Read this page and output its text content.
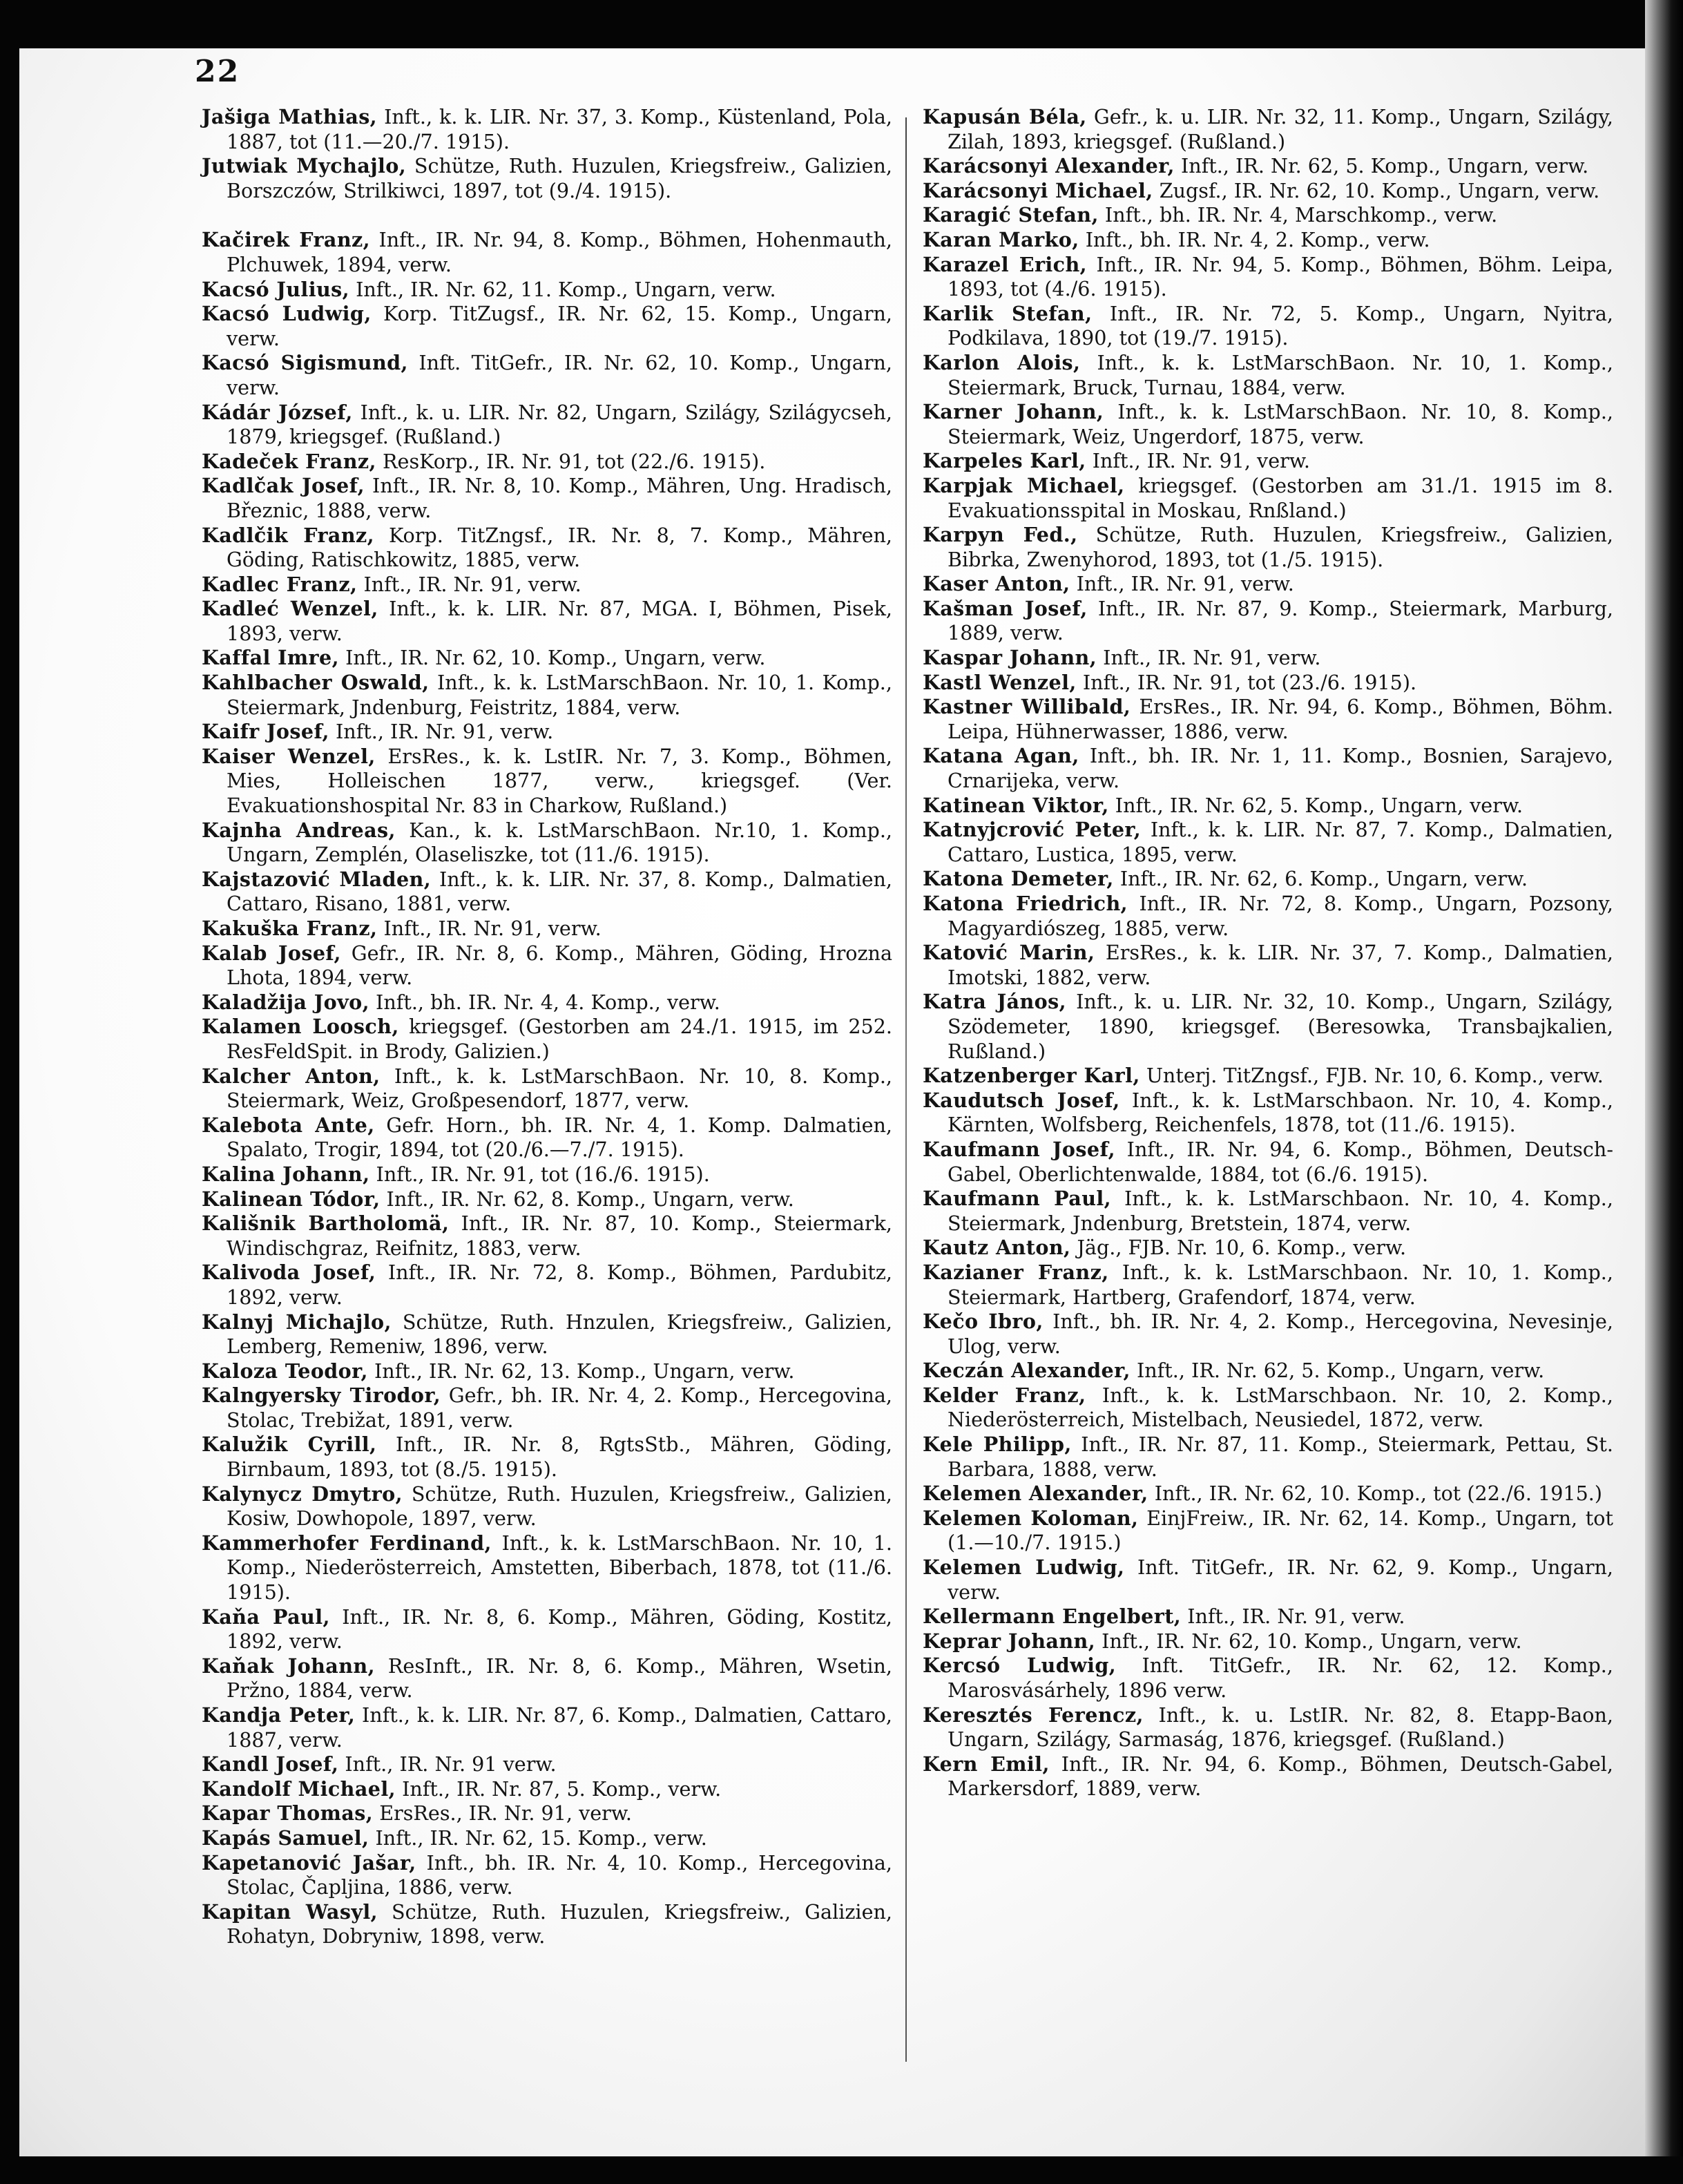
22

Jašiga Mathias, Inft., k. k. LIR. Nr. 37, 3. Komp., Küstenland, Pola, 1887, tot (11.—20./7. 1915).

Jutwiak Mychajlo, Schütze, Ruth. Huzulen, Kriegsfreiw., Galizien, Borszczów, Strilkiwci, 1897, tot (9./4. 1915).

Kačirek Franz, Inft., IR. Nr. 94, 8. Komp., Böhmen, Hohenmauth, Plchuwek, 1894, verw.

Kacsó Julius, Inft., IR. Nr. 62, 11. Komp., Ungarn, verw.

Kacsó Ludwig, Korp. TitZugsf., IR. Nr. 62, 15. Komp., Ungarn, verw.

Kacsó Sigismund, Inft. TitGefr., IR. Nr. 62, 10. Komp., Ungarn, verw.

Kádár József, Inft., k. u. LIR. Nr. 82, Ungarn, Szilágy, Szilágycseh, 1879, kriegsgef. (Rußland.)

Kadeček Franz, ResKorp., IR. Nr. 91, tot (22./6. 1915).

Kadlčak Josef, Inft., IR. Nr. 8, 10. Komp., Mähren, Ung. Hradisch, Březnic, 1888, verw.

Kadlčik Franz, Korp. TitZngsf., IR. Nr. 8, 7. Komp., Mähren, Göding, Ratischkowitz, 1885, verw.

Kadlec Franz, Inft., IR. Nr. 91, verw.

Kadleć Wenzel, Inft., k. k. LIR. Nr. 87, MGA. I, Böhmen, Pisek, 1893, verw.

Kaffal Imre, Inft., IR. Nr. 62, 10. Komp., Ungarn, verw.

Kahlbacher Oswald, Inft., k. k. LstMarschBaon. Nr. 10, 1. Komp., Steiermark, Jndenburg, Feistritz, 1884, verw.

Kaifr Josef, Inft., IR. Nr. 91, verw.

Kaiser Wenzel, ErsRes., k. k. LstIR. Nr. 7, 3. Komp., Böhmen, Mies, Holleischen 1877, verw., kriegsgef. (Ver. Evakuationshospital Nr. 83 in Charkow, Rußland.)

Kajnha Andreas, Kan., k. k. LstMarschBaon. Nr.10, 1. Komp., Ungarn, Zemplén, Olaseliszke, tot (11./6. 1915).

Kajstazović Mladen, Inft., k. k. LIR. Nr. 37, 8. Komp., Dalmatien, Cattaro, Risano, 1881, verw.

Kakuška Franz, Inft., IR. Nr. 91, verw.

Kalab Josef, Gefr., IR. Nr. 8, 6. Komp., Mähren, Göding, Hrozna Lhota, 1894, verw.

Kaladžija Jovo, Inft., bh. IR. Nr. 4, 4. Komp., verw.

Kalamen Loosch, kriegsgef. (Gestorben am 24./1. 1915, im 252. ResFeldSpit. in Brody, Galizien.)

Kalcher Anton, Inft., k. k. LstMarschBaon. Nr. 10, 8. Komp., Steiermark, Weiz, Großpesendorf, 1877, verw.

Kalebota Ante, Gefr. Horn., bh. IR. Nr. 4, 1. Komp. Dalmatien, Spalato, Trogir, 1894, tot (20./6.—7./7. 1915).

Kalina Johann, Inft., IR. Nr. 91, tot (16./6. 1915).

Kalinean Tódor, Inft., IR. Nr. 62, 8. Komp., Ungarn, verw.

Kališnik Bartholomä, Inft., IR. Nr. 87, 10. Komp., Steiermark, Windischgraz, Reifnitz, 1883, verw.

Kalivoda Josef, Inft., IR. Nr. 72, 8. Komp., Böhmen, Pardubitz, 1892, verw.

Kalnyj Michajlo, Schütze, Ruth. Hnzulen, Kriegsfreiw., Galizien, Lemberg, Remeniw, 1896, verw.

Kaloza Teodor, Inft., IR. Nr. 62, 13. Komp., Ungarn, verw.

Kalngyersky Tirodor, Gefr., bh. IR. Nr. 4, 2. Komp., Hercegovina, Stolac, Trebižat, 1891, verw.

Kalužik Cyrill, Inft., IR. Nr. 8, RgtsStb., Mähren, Göding, Birnbaum, 1893, tot (8./5. 1915).

Kalynycz Dmytro, Schütze, Ruth. Huzulen, Kriegsfreiw., Galizien, Kosiw, Dowhopole, 1897, verw.

Kammerhofer Ferdinand, Inft., k. k. LstMarschBaon. Nr. 10, 1. Komp., Niederösterreich, Amstetten, Biberbach, 1878, tot (11./6. 1915).

Kaňa Paul, Inft., IR. Nr. 8, 6. Komp., Mähren, Göding, Kostitz, 1892, verw.

Kaňak Johann, ResInft., IR. Nr. 8, 6. Komp., Mähren, Wsetin, Pržno, 1884, verw.

Kandja Peter, Inft., k. k. LIR. Nr. 87, 6. Komp., Dalmatien, Cattaro, 1887, verw.

Kandl Josef, Inft., IR. Nr. 91 verw.

Kandolf Michael, Inft., IR. Nr. 87, 5. Komp., verw.

Kapar Thomas, ErsRes., IR. Nr. 91, verw.

Kapás Samuel, Inft., IR. Nr. 62, 15. Komp., verw.

Kapetanović Jašar, Inft., bh. IR. Nr. 4, 10. Komp., Hercegovina, Stolac, Čapljina, 1886, verw.

Kapitan Wasyl, Schütze, Ruth. Huzulen, Kriegsfreiw., Galizien, Rohatyn, Dobryniw, 1898, verw.

Kapusán Béla, Gefr., k. u. LIR. Nr. 32, 11. Komp., Ungarn, Szilágy, Zilah, 1893, kriegsgef. (Rußland.)

Karácsonyi Alexander, Inft., IR. Nr. 62, 5. Komp., Ungarn, verw.

Karácsonyi Michael, Zugsf., IR. Nr. 62, 10. Komp., Ungarn, verw.

Karagić Stefan, Inft., bh. IR. Nr. 4, Marschkomp., verw.

Karan Marko, Inft., bh. IR. Nr. 4, 2. Komp., verw.

Karazel Erich, Inft., IR. Nr. 94, 5. Komp., Böhmen, Böhm. Leipa, 1893, tot (4./6. 1915).

Karlik Stefan, Inft., IR. Nr. 72, 5. Komp., Ungarn, Nyitra, Podkilava, 1890, tot (19./7. 1915).

Karlon Alois, Inft., k. k. LstMarschBaon. Nr. 10, 1. Komp., Steiermark, Bruck, Turnau, 1884, verw.

Karner Johann, Inft., k. k. LstMarschBaon. Nr. 10, 8. Komp., Steiermark, Weiz, Ungerdorf, 1875, verw.

Karpeles Karl, Inft., IR. Nr. 91, verw.

Karpjak Michael, kriegsgef. (Gestorben am 31./1. 1915 im 8. Evakuationsspital in Moskau, Rnßland.)

Karpyn Fed., Schütze, Ruth. Huzulen, Kriegsfreiw., Galizien, Bibrka, Zwenyhorod, 1893, tot (1./5. 1915).

Kaser Anton, Inft., IR. Nr. 91, verw.

Kašman Josef, Inft., IR. Nr. 87, 9. Komp., Steiermark, Marburg, 1889, verw.

Kaspar Johann, Inft., IR. Nr. 91, verw.

Kastl Wenzel, Inft., IR. Nr. 91, tot (23./6. 1915).

Kastner Willibald, ErsRes., IR. Nr. 94, 6. Komp., Böhmen, Böhm. Leipa, Hühnerwasser, 1886, verw.

Katana Agan, Inft., bh. IR. Nr. 1, 11. Komp., Bosnien, Sarajevo, Crnarijeka, verw.

Katinean Viktor, Inft., IR. Nr. 62, 5. Komp., Ungarn, verw.

Katnyjcrović Peter, Inft., k. k. LIR. Nr. 87, 7. Komp., Dalmatien, Cattaro, Lustica, 1895, verw.

Katona Demeter, Inft., IR. Nr. 62, 6. Komp., Ungarn, verw.

Katona Friedrich, Inft., IR. Nr. 72, 8. Komp., Ungarn, Pozsony, Magyardiószeg, 1885, verw.

Katović Marin, ErsRes., k. k. LIR. Nr. 37, 7. Komp., Dalmatien, Imotski, 1882, verw.

Katra János, Inft., k. u. LIR. Nr. 32, 10. Komp., Ungarn, Szilágy, Szödemeter, 1890, kriegsgef. (Beresowka, Transbajkalien, Rußland.)

Katzenberger Karl, Unterj. TitZngsf., FJB. Nr. 10, 6. Komp., verw.

Kaudutsch Josef, Inft., k. k. LstMarschbaon. Nr. 10, 4. Komp., Kärnten, Wolfsberg, Reichenfels, 1878, tot (11./6. 1915).

Kaufmann Josef, Inft., IR. Nr. 94, 6. Komp., Böhmen, Deutsch-Gabel, Oberlichtenwalde, 1884, tot (6./6. 1915).

Kaufmann Paul, Inft., k. k. LstMarschbaon. Nr. 10, 4. Komp., Steiermark, Jndenburg, Bretstein, 1874, verw.

Kautz Anton, Jäg., FJB. Nr. 10, 6. Komp., verw.

Kazianer Franz, Inft., k. k. LstMarschbaon. Nr. 10, 1. Komp., Steiermark, Hartberg, Grafendorf, 1874, verw.

Kečo Ibro, Inft., bh. IR. Nr. 4, 2. Komp., Hercegovina, Nevesinje, Ulog, verw.

Keczán Alexander, Inft., IR. Nr. 62, 5. Komp., Ungarn, verw.

Kelder Franz, Inft., k. k. LstMarschbaon. Nr. 10, 2. Komp., Niederösterreich, Mistelbach, Neusiedel, 1872, verw.

Kele Philipp, Inft., IR. Nr. 87, 11. Komp., Steiermark, Pettau, St. Barbara, 1888, verw.

Kelemen Alexander, Inft., IR. Nr. 62, 10. Komp., tot (22./6. 1915.)

Kelemen Koloman, EinjFreiw., IR. Nr. 62, 14. Komp., Ungarn, tot (1.—10./7. 1915.)

Kelemen Ludwig, Inft. TitGefr., IR. Nr. 62, 9. Komp., Ungarn, verw.

Kellermann Engelbert, Inft., IR. Nr. 91, verw.

Keprar Johann, Inft., IR. Nr. 62, 10. Komp., Ungarn, verw.

Kercsó Ludwig, Inft. TitGefr., IR. Nr. 62, 12. Komp., Marosvásárhely, 1896 verw.

Keresztés Ferencz, Inft., k. u. LstIR. Nr. 82, 8. Etapp-Baon, Ungarn, Szilágy, Sarmaság, 1876, kriegsgef. (Rußland.)

Kern Emil, Inft., IR. Nr. 94, 6. Komp., Böhmen, Deutsch-Gabel, Markersdorf, 1889, verw.
